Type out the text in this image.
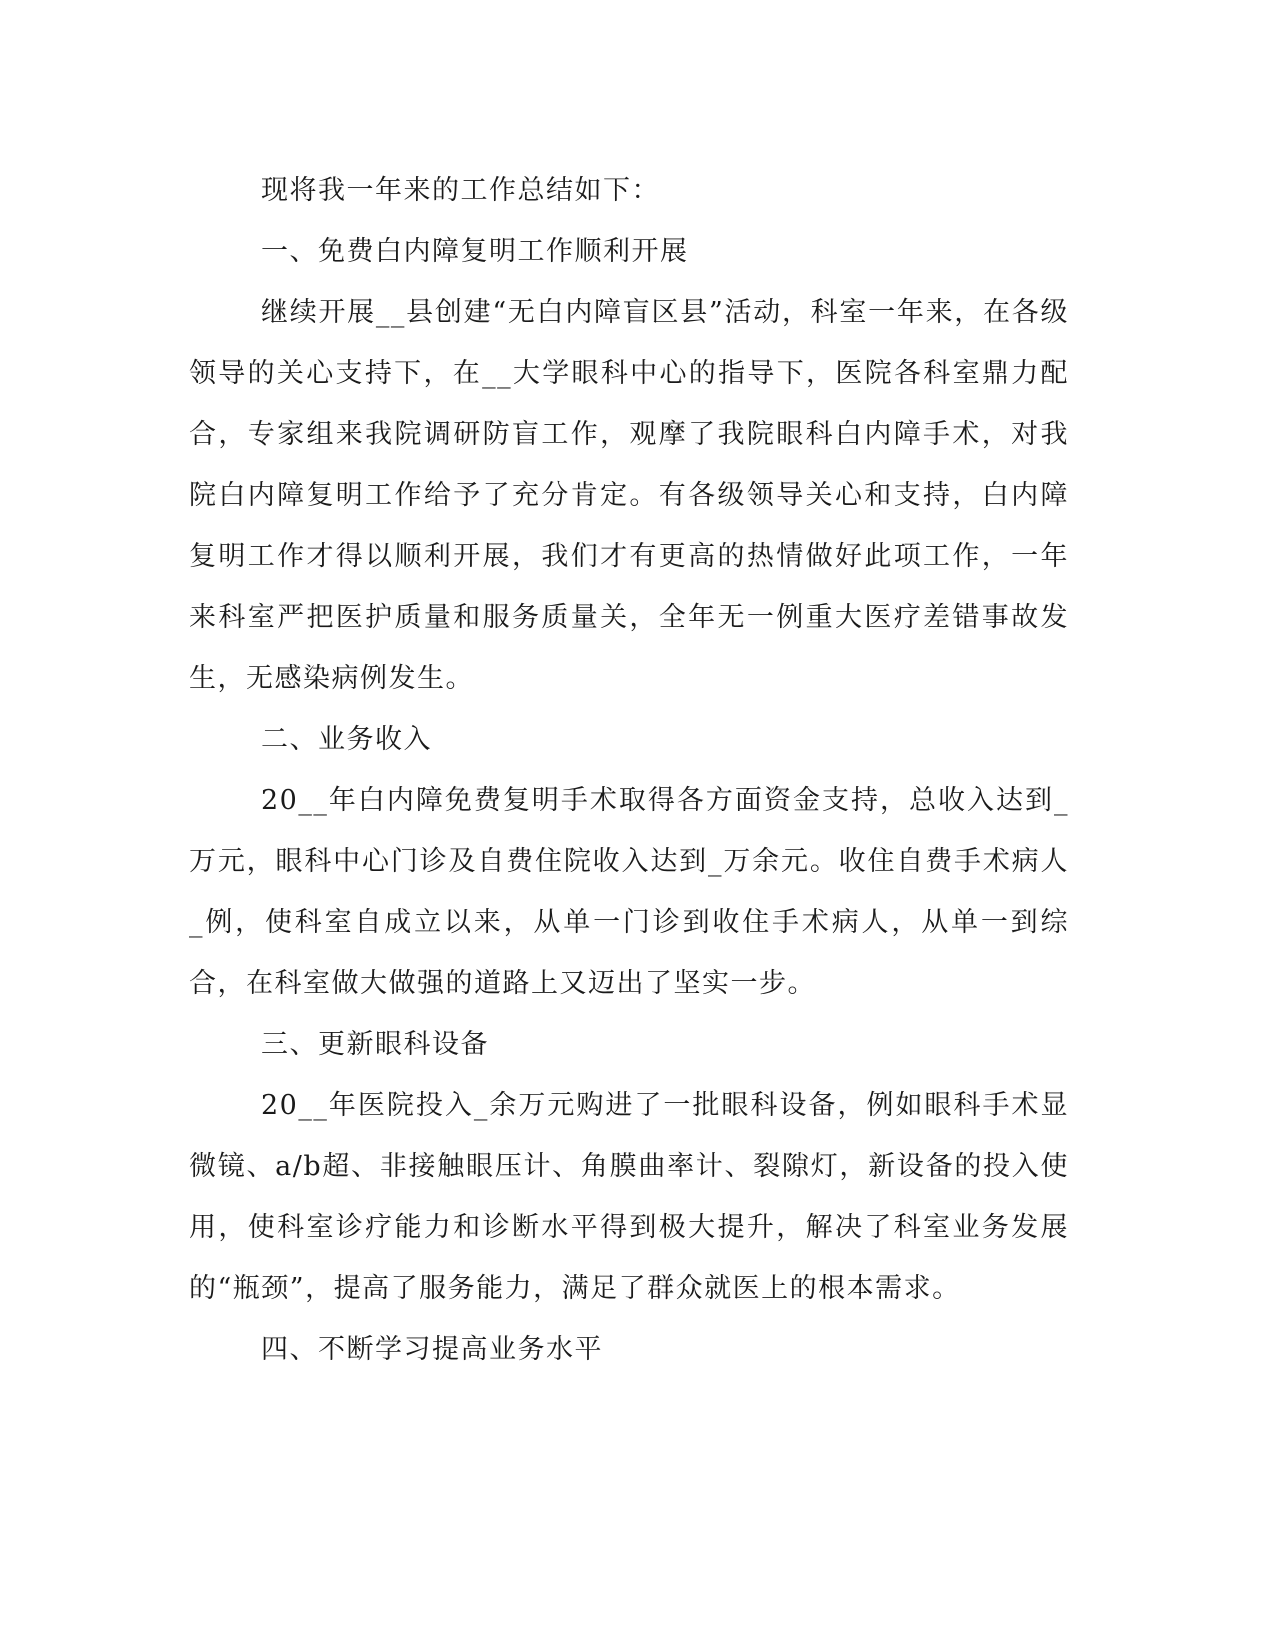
现将我一年来的工作总结如下：

一、免费白内障复明工作顺利开展

继续开展__县创建“无白内障盲区县”活动，科室一年来，在各级领导的关心支持下，在__大学眼科中心的指导下，医院各科室鼎力配合，专家组来我院调研防盲工作，观摩了我院眼科白内障手术，对我院白内障复明工作给予了充分肯定。有各级领导关心和支持，白内障复明工作才得以顺利开展，我们才有更高的热情做好此项工作，一年来科室严把医护质量和服务质量关，全年无一例重大医疗差错事故发生，无感染病例发生。

二、业务收入

20__年白内障免费复明手术取得各方面资金支持，总收入达到_万元，眼科中心门诊及自费住院收入达到_万余元。收住自费手术病人_例，使科室自成立以来，从单一门诊到收住手术病人，从单一到综合，在科室做大做强的道路上又迈出了坚实一步。

三、更新眼科设备

20__年医院投入_余万元购进了一批眼科设备，例如眼科手术显微镜、a/b超、非接触眼压计、角膜曲率计、裂隙灯，新设备的投入使用，使科室诊疗能力和诊断水平得到极大提升，解决了科室业务发展的“瓶颈”，提高了服务能力，满足了群众就医上的根本需求。

四、不断学习提高业务水平
